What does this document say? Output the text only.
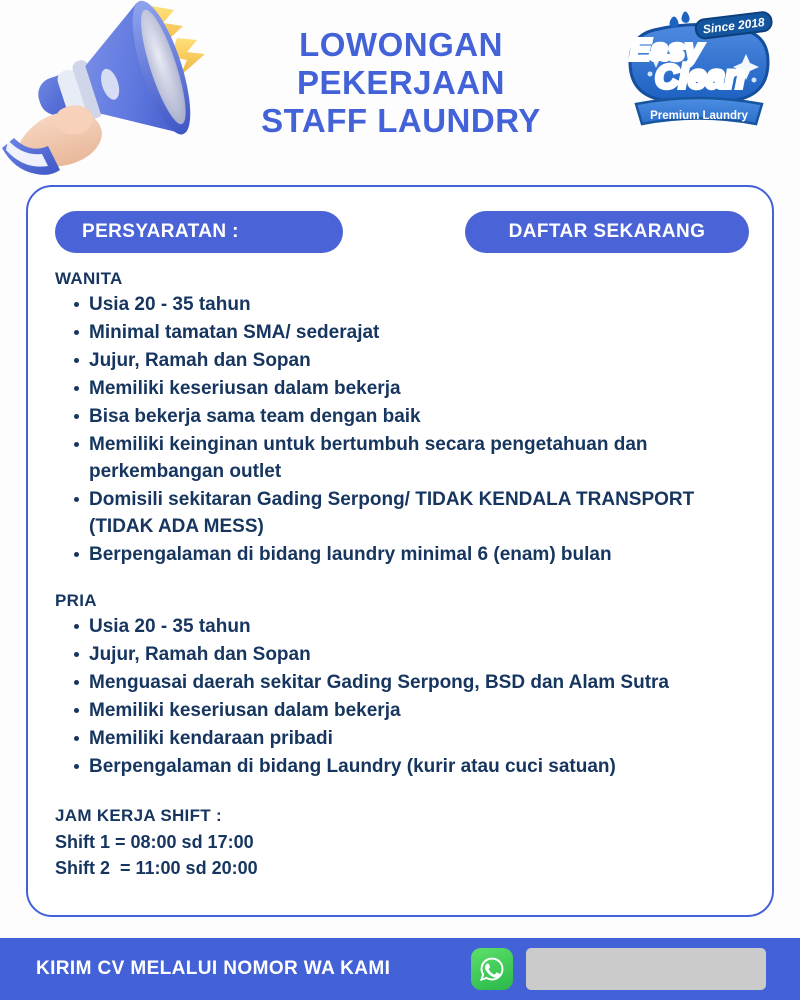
LOWONGAN
PEKERJAAN
STAFF LAUNDRY
Since 2018
Easy
Clean
Premium Laundry
PERSYARATAN :	DAFTAR SEKARANG
WANITA
Usia 20 - 35 tahun
Minimal tamatan SMA/ sederajat
Jujur, Ramah dan Sopan
Memiliki keseriusan dalam bekerja
Bisa bekerja sama team dengan baik
Memiliki keinginan untuk bertumbuh secara pengetahuan dan perkembangan outlet
Domisili sekitaran Gading Serpong/ TIDAK KENDALA TRANSPORT (TIDAK ADA MESS)
Berpengalaman di bidang laundry minimal 6 (enam) bulan
PRIA
Usia 20 - 35 tahun
Jujur, Ramah dan Sopan
Menguasai daerah sekitar Gading Serpong, BSD dan Alam Sutra
Memiliki keseriusan dalam bekerja
Memiliki kendaraan pribadi
Berpengalaman di bidang Laundry (kurir atau cuci satuan)
JAM KERJA SHIFT :
Shift 1 = 08:00 sd 17:00
Shift 2  = 11:00 sd 20:00
KIRIM CV MELALUI NOMOR WA KAMI
